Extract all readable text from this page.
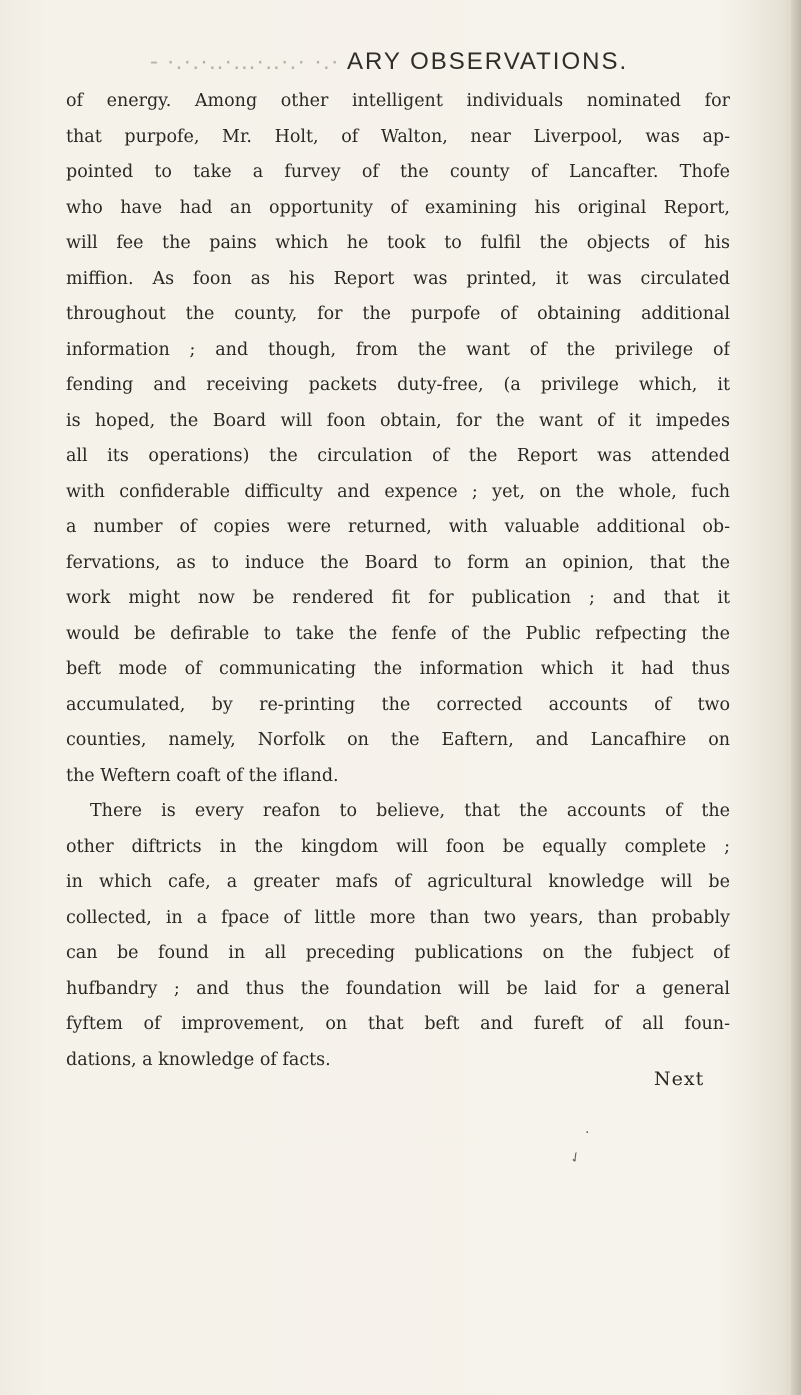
- ·.·.·..·...·..·.· ·.· ARY OBSERVATIONS.
of energy. Among other intelligent individuals nominated for
that purpofe, Mr. Holt, of Walton, near Liverpool, was ap-
pointed to take a furvey of the county of Lancafter. Thofe
who have had an opportunity of examining his original Report,
will fee the pains which he took to fulfil the objects of his
miffion. As foon as his Report was printed, it was circulated
throughout the county, for the purpofe of obtaining additional
information ; and though, from the want of the privilege of
fending and receiving packets duty-free, (a privilege which, it
is hoped, the Board will foon obtain, for the want of it impedes
all its operations) the circulation of the Report was attended
with confiderable difficulty and expence ; yet, on the whole, fuch
a number of copies were returned, with valuable additional ob-
fervations, as to induce the Board to form an opinion, that the
work might now be rendered fit for publication ; and that it
would be defirable to take the fenfe of the Public refpecting the
beft mode of communicating the information which it had thus
accumulated, by re-printing the corrected accounts of two
counties, namely, Norfolk on the Eaftern, and Lancafhire on
the Weftern coaft of the ifland.
There is every reafon to believe, that the accounts of the
other diftricts in the kingdom will foon be equally complete ;
in which cafe, a greater mafs of agricultural knowledge will be
collected, in a fpace of little more than two years, than probably
can be found in all preceding publications on the fubject of
hufbandry ; and thus the foundation will be laid for a general
fyftem of improvement, on that beft and fureft of all foun-
dations, a knowledge of facts.
Next
·
✓
